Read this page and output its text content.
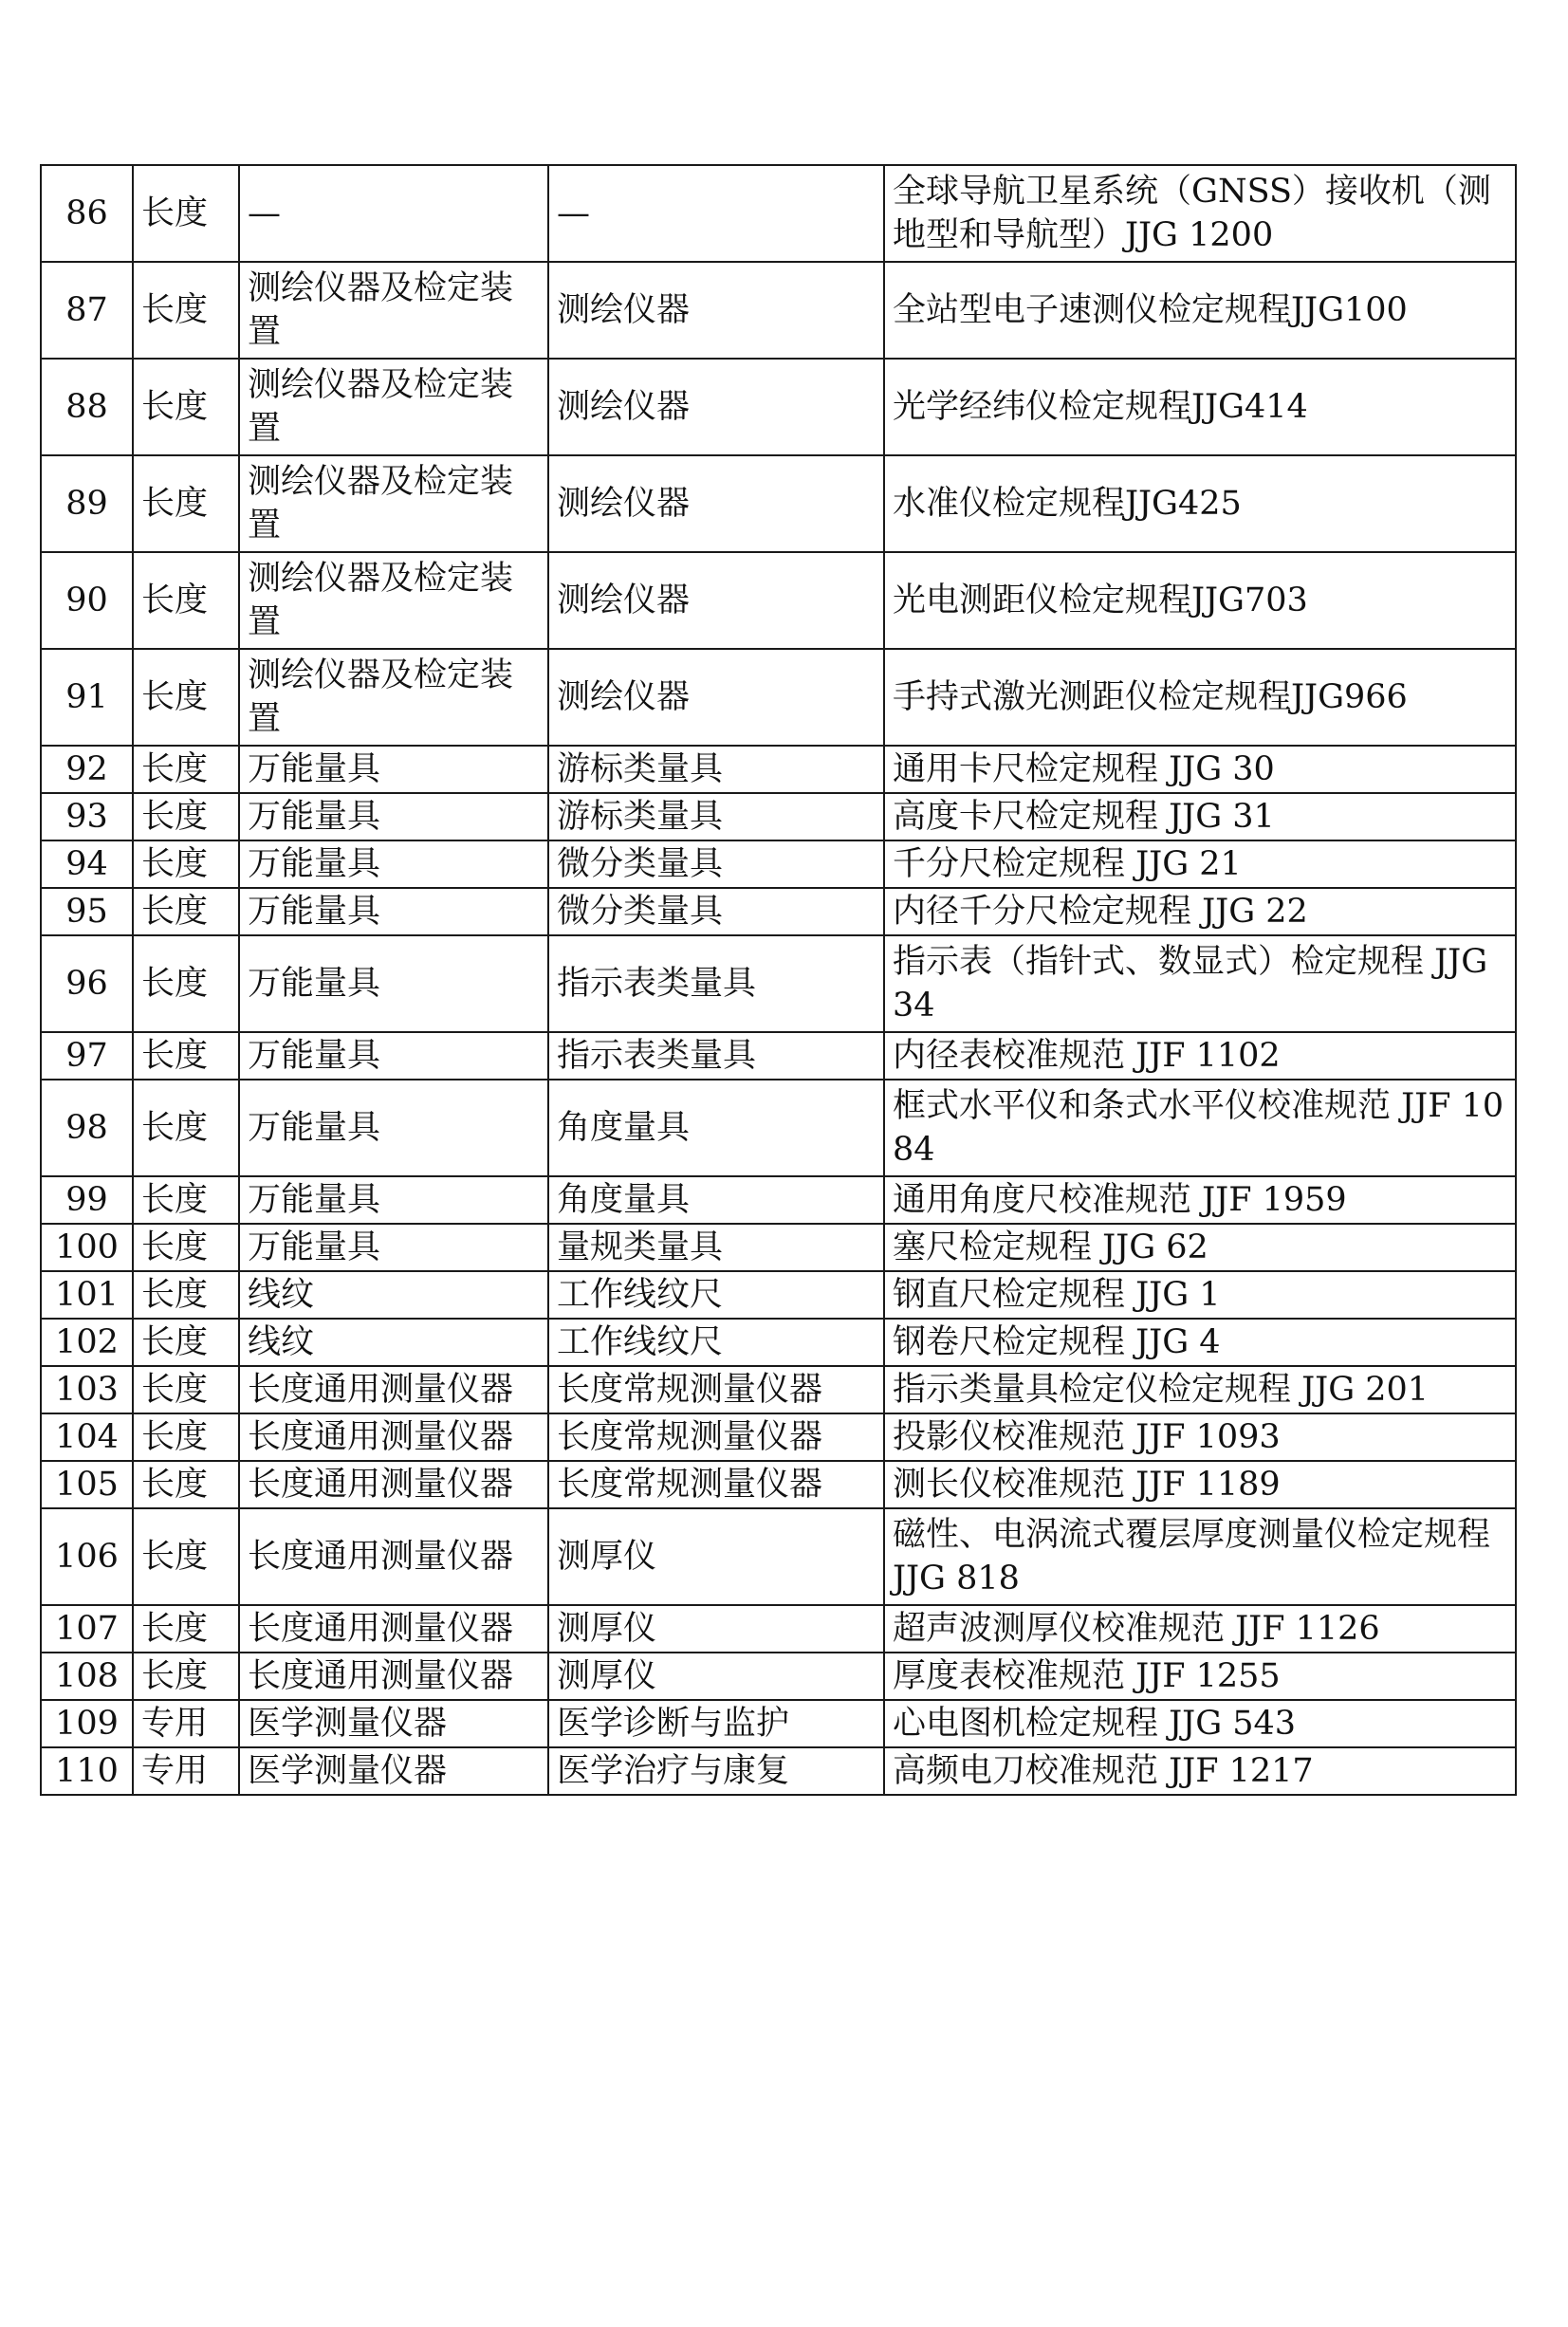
86	长度	—	—	全球导航卫星系统（GNSS）接收机（测地型和导航型）JJG 1200
87	长度	测绘仪器及检定装置	测绘仪器	全站型电子速测仪检定规程JJG100
88	长度	测绘仪器及检定装置	测绘仪器	光学经纬仪检定规程JJG414
89	长度	测绘仪器及检定装置	测绘仪器	水准仪检定规程JJG425
90	长度	测绘仪器及检定装置	测绘仪器	光电测距仪检定规程JJG703
91	长度	测绘仪器及检定装置	测绘仪器	手持式激光测距仪检定规程JJG966
92	长度	万能量具	游标类量具	通用卡尺检定规程 JJG 30
93	长度	万能量具	游标类量具	高度卡尺检定规程 JJG 31
94	长度	万能量具	微分类量具	千分尺检定规程 JJG 21
95	长度	万能量具	微分类量具	内径千分尺检定规程 JJG 22
96	长度	万能量具	指示表类量具	指示表（指针式、数显式）检定规程 JJG 34
97	长度	万能量具	指示表类量具	内径表校准规范 JJF 1102
98	长度	万能量具	角度量具	框式水平仪和条式水平仪校准规范 JJF 1084
99	长度	万能量具	角度量具	通用角度尺校准规范 JJF 1959
100	长度	万能量具	量规类量具	塞尺检定规程 JJG 62
101	长度	线纹	工作线纹尺	钢直尺检定规程 JJG 1
102	长度	线纹	工作线纹尺	钢卷尺检定规程 JJG 4
103	长度	长度通用测量仪器	长度常规测量仪器	指示类量具检定仪检定规程 JJG 201
104	长度	长度通用测量仪器	长度常规测量仪器	投影仪校准规范 JJF 1093
105	长度	长度通用测量仪器	长度常规测量仪器	测长仪校准规范 JJF 1189
106	长度	长度通用测量仪器	测厚仪	磁性、电涡流式覆层厚度测量仪检定规程 JJG 818
107	长度	长度通用测量仪器	测厚仪	超声波测厚仪校准规范 JJF 1126
108	长度	长度通用测量仪器	测厚仪	厚度表校准规范 JJF 1255
109	专用	医学测量仪器	医学诊断与监护	心电图机检定规程 JJG 543
110	专用	医学测量仪器	医学治疗与康复	高频电刀校准规范 JJF 1217
